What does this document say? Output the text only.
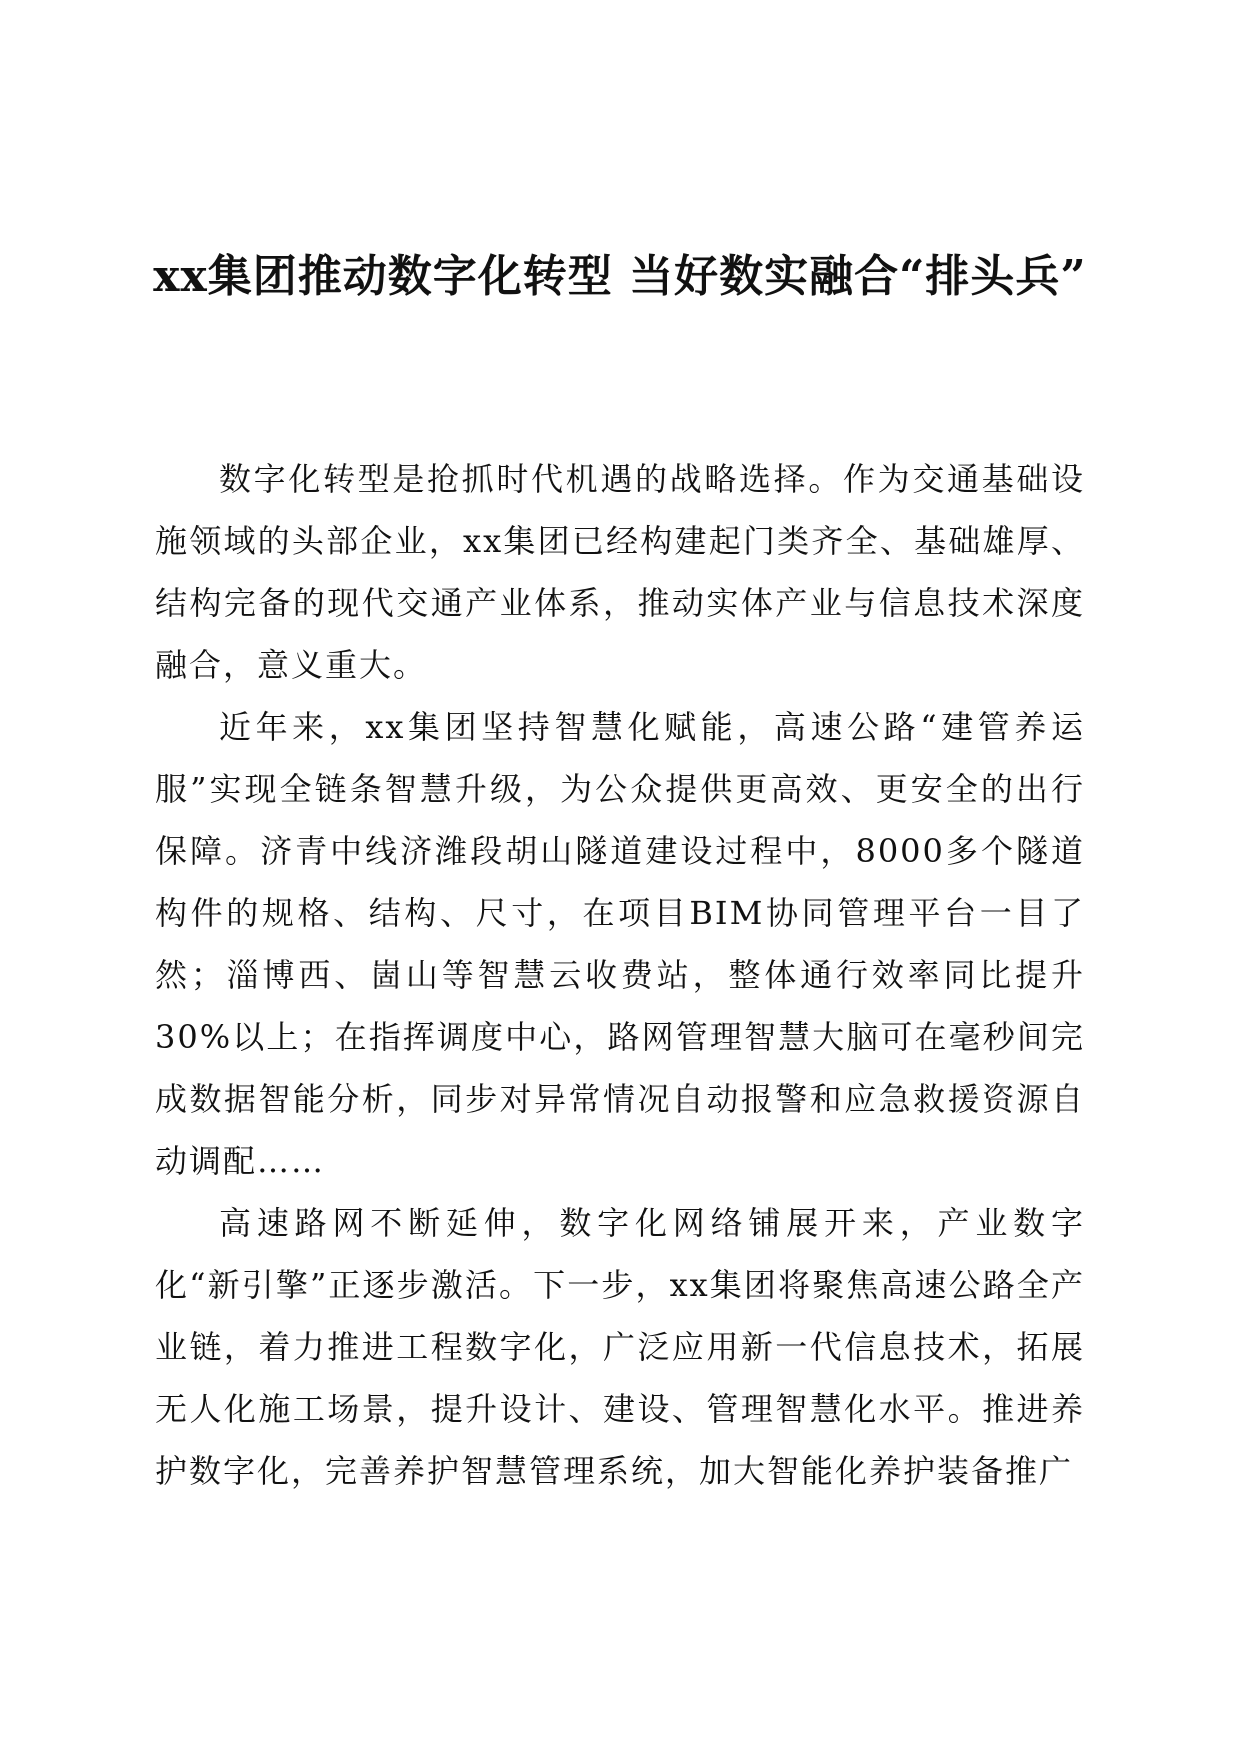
xx集团推动数字化转型 当好数实融合“排头兵”

数字化转型是抢抓时代机遇的战略选择。作为交通基础设施领域的头部企业，xx集团已经构建起门类齐全、基础雄厚、结构完备的现代交通产业体系，推动实体产业与信息技术深度融合，意义重大。

近年来，xx集团坚持智慧化赋能，高速公路“建管养运服”实现全链条智慧升级，为公众提供更高效、更安全的出行保障。济青中线济潍段胡山隧道建设过程中，8000多个隧道构件的规格、结构、尺寸，在项目BIM协同管理平台一目了然；淄博西、崮山等智慧云收费站，整体通行效率同比提升30%以上；在指挥调度中心，路网管理智慧大脑可在毫秒间完成数据智能分析，同步对异常情况自动报警和应急救援资源自动调配……

高速路网不断延伸，数字化网络铺展开来，产业数字化“新引擎”正逐步激活。下一步，xx集团将聚焦高速公路全产业链，着力推进工程数字化，广泛应用新一代信息技术，拓展无人化施工场景，提升设计、建设、管理智慧化水平。推进养护数字化，完善养护智慧管理系统，加大智能化养护装备推广
